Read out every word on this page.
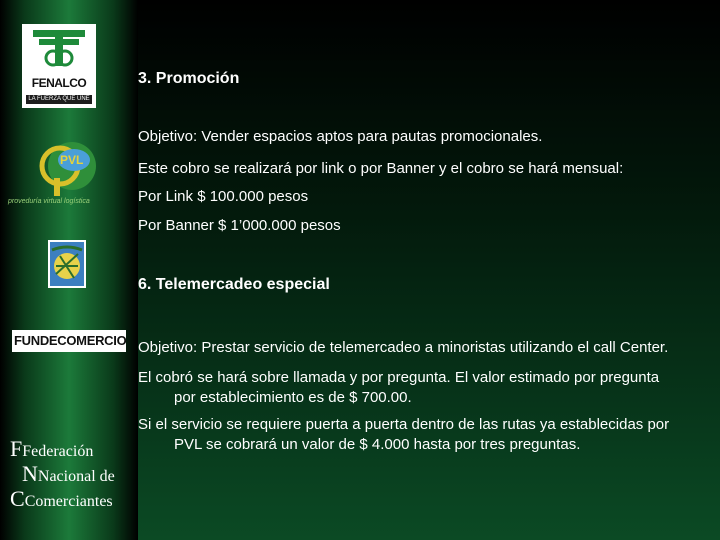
FENALCO
LA FUERZA QUE UNE
PVL
proveduría virtual logística
FUNDECOMERCIO
FFederación
NNacional de
CComerciantes
3. Promoción
Objetivo: Vender espacios aptos para pautas promocionales.
Este cobro se realizará por link o por Banner y el cobro se hará mensual:
Por Link $ 100.000 pesos
Por Banner $ 1’000.000 pesos
6. Telemercadeo especial
Objetivo: Prestar servicio de telemercadeo a minoristas utilizando el call Center.
El cobró se hará sobre llamada y por pregunta. El valor estimado por pregunta
por establecimiento es de $ 700.00.
Si el servicio se requiere puerta a puerta dentro de las rutas ya establecidas por
PVL se cobrará un valor de $ 4.000 hasta por tres preguntas.
